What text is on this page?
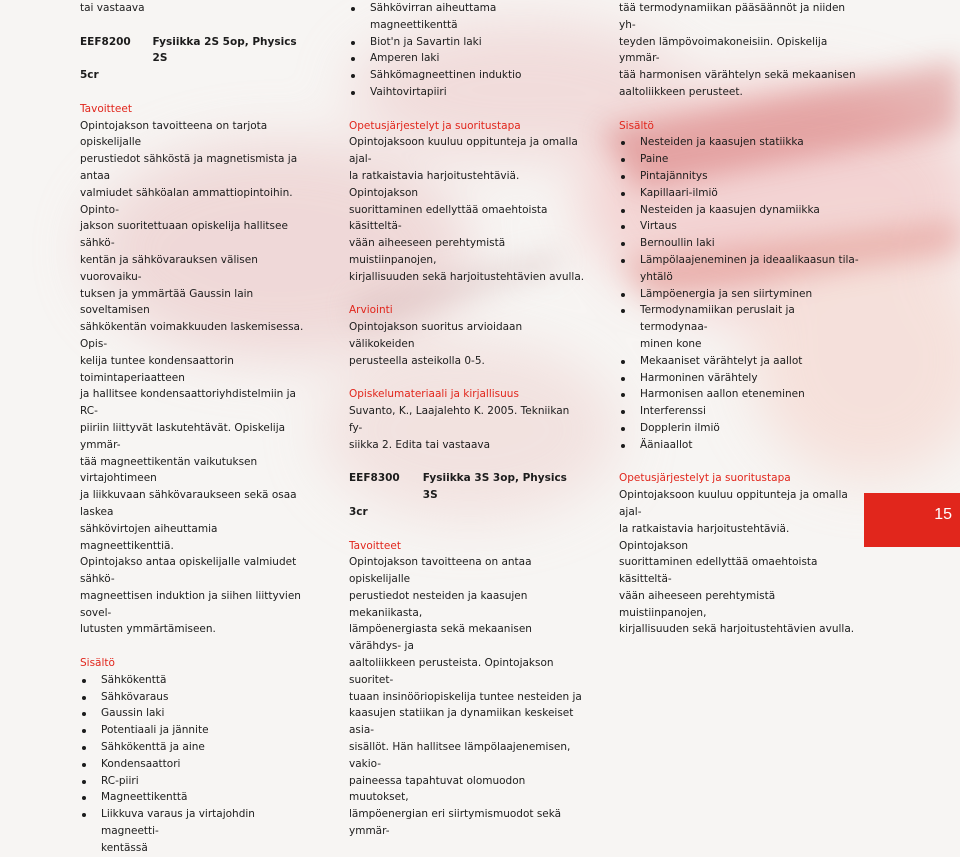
tai vastaava

EEF8200	Fysiikka 2S 5op, Physics 2S

5cr

Tavoitteet

Opintojakson tavoitteena on tarjota opiskelijalle

perustiedot sähköstä ja magnetismista ja antaa

valmiudet sähköalan ammattiopintoihin. Opinto-

jakson suoritettuaan opiskelija hallitsee sähkö-

kentän ja sähkövarauksen välisen vuorovaiku-

tuksen ja ymmärtää Gaussin lain soveltamisen

sähkökentän voimakkuuden laskemisessa. Opis-

kelija tuntee kondensaattorin toimintaperiaatteen

ja hallitsee kondensaattoriyhdistelmiin ja RC-

piiriin liittyvät laskutehtävät. Opiskelija ymmär-

tää magneettikentän vaikutuksen virtajohtimeen

ja liikkuvaan sähkövaraukseen sekä osaa laskea

sähkövirtojen aiheuttamia magneettikenttiä.

Opintojakso antaa opiskelijalle valmiudet sähkö-

magneettisen induktion ja siihen liittyvien sovel-

lutusten ymmärtämiseen.

Sisältö

Sähkökenttä
Sähkövaraus
Gaussin laki
Potentiaali ja jännite
Sähkökenttä ja aine
Kondensaattori
RC-piiri
Magneettikenttä
Liikkuva varaus ja virtajohdin magneetti-
kentässä
Sähkövirran aiheuttama magneettikenttä
Biot'n ja Savartin laki
Amperen laki
Sähkömagneettinen induktio
Vaihtovirtapiiri

Opetusjärjestelyt ja suoritustapa

Opintojaksoon kuuluu oppitunteja ja omalla ajal-

la ratkaistavia harjoitustehtäviä. Opintojakson

suorittaminen edellyttää omaehtoista käsitteltä-

vään aiheeseen perehtymistä muistiinpanojen,

kirjallisuuden sekä harjoitustehtävien avulla.

Arviointi

Opintojakson suoritus arvioidaan välikokeiden

perusteella asteikolla 0-5.

Opiskelumateriaali ja kirjallisuus

Suvanto, K., Laajalehto K. 2005. Tekniikan fy-

siikka 2. Edita tai vastaava

EEF8300	Fysiikka 3S 3op, Physics 3S

3cr

Tavoitteet

Opintojakson tavoitteena on antaa opiskelijalle

perustiedot nesteiden ja kaasujen mekaniikasta,

lämpöenergiasta sekä mekaanisen värähdys- ja

aaltoliikkeen perusteista. Opintojakson suoritet-

tuaan insinööriopiskelija tuntee nesteiden ja

kaasujen statiikan ja dynamiikan keskeiset asia-

sisällöt. Hän hallitsee lämpölaajenemisen, vakio-

paineessa tapahtuvat olomuodon muutokset,

lämpöenergian eri siirtymismuodot sekä ymmär-

tää termodynamiikan pääsäännöt ja niiden yh-

teyden lämpövoimakoneisiin. Opiskelija ymmär-

tää harmonisen värähtelyn sekä mekaanisen

aaltoliikkeen perusteet.

Sisältö

Nesteiden ja kaasujen statiikka
Paine
Pintajännitys
Kapillaari-ilmiö
Nesteiden ja kaasujen dynamiikka
Virtaus
Bernoullin laki
Lämpölaajeneminen ja ideaalikaasun tila-
yhtälö
Lämpöenergia ja sen siirtyminen
Termodynamiikan peruslait ja termodynaa-
minen kone
Mekaaniset värähtelyt ja aallot
Harmoninen värähtely
Harmonisen aallon eteneminen
Interferenssi
Dopplerin ilmiö
Ääniaallot

Opetusjärjestelyt ja suoritustapa

Opintojaksoon kuuluu oppitunteja ja omalla ajal-

la ratkaistavia harjoitustehtäviä. Opintojakson

suorittaminen edellyttää omaehtoista käsitteltä-

vään aiheeseen perehtymistä muistiinpanojen,

kirjallisuuden sekä harjoitustehtävien avulla.

15
